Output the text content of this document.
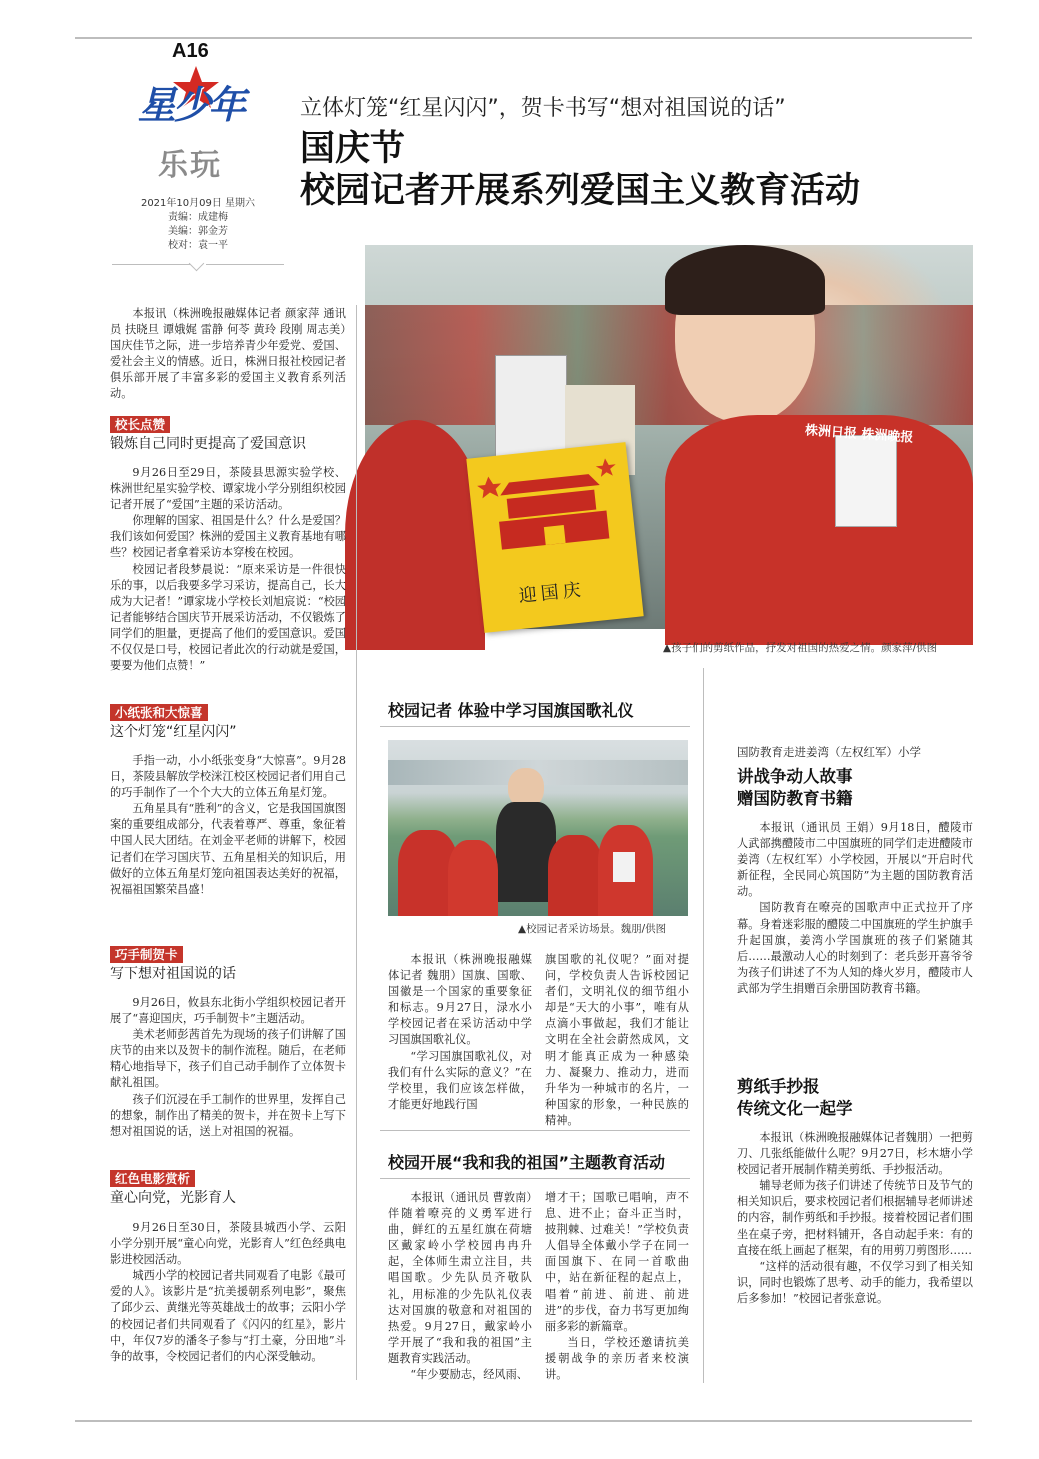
A16
星少年
乐玩
2021年10月09日 星期六
责编：成建梅
美编：郭金芳
校对：袁一平
立体灯笼“红星闪闪”，贺卡书写“想对祖国说的话”
国庆节
校园记者开展系列爱国主义教育活动
株洲日报 株洲晚报
迎国庆
▲孩子们的剪纸作品，抒发对祖国的热爱之情。颜家萍/供图

本报讯（株洲晚报融媒体记者 颜家萍 通讯员 扶晓旦 谭娥娓 雷静 何苓 黄玲 段刚 周志美）国庆佳节之际，进一步培养青少年爱党、爱国、爱社会主义的情感。近日，株洲日报社校园记者俱乐部开展了丰富多彩的爱国主义教育系列活动。

校长点赞
锻炼自己同时更提高了爱国意识

9月26日至29日，茶陵县思源实验学校、株洲世纪星实验学校、谭家垅小学分别组织校园记者开展了“爱国”主题的采访活动。

你理解的国家、祖国是什么？什么是爱国？我们该如何爱国？株洲的爱国主义教育基地有哪些？校园记者拿着采访本穿梭在校园。

校园记者段梦晨说：“原来采访是一件很快乐的事，以后我要多学习采访，提高自己，长大成为大记者！”谭家垅小学校长刘旭宸说：“校园记者能够结合国庆节开展采访活动，不仅锻炼了同学们的胆量，更提高了他们的爱国意识。爱国不仅仅是口号，校园记者此次的行动就是爱国，要要为他们点赞！”

小纸张和大惊喜
这个灯笼“红星闪闪”

手指一动，小小纸张变身“大惊喜”。9月28日，茶陵县解放学校洣江校区校园记者们用自己的巧手制作了一个个大大的立体五角星灯笼。

五角星具有“胜利”的含义，它是我国国旗图案的重要组成部分，代表着尊严、尊重，象征着中国人民大团结。在刘金平老师的讲解下，校园记者们在学习国庆节、五角星相关的知识后，用做好的立体五角星灯笼向祖国表达美好的祝福，祝福祖国繁荣昌盛！

巧手制贺卡
写下想对祖国说的话

9月26日，攸县东北街小学组织校园记者开展了“喜迎国庆，巧手制贺卡”主题活动。

美术老师彭茜首先为现场的孩子们讲解了国庆节的由来以及贺卡的制作流程。随后，在老师精心地指导下，孩子们自己动手制作了立体贺卡献礼祖国。

孩子们沉浸在手工制作的世界里，发挥自己的想象，制作出了精美的贺卡，并在贺卡上写下想对祖国说的话，送上对祖国的祝福。

红色电影赏析
童心向党，光影育人

9月26日至30日，茶陵县城西小学、云阳小学分别开展“童心向党，光影育人”红色经典电影进校园活动。

城西小学的校园记者共同观看了电影《最可爱的人》。该影片是“抗美援朝系列电影”，聚焦了邱少云、黄继光等英雄战士的故事；云阳小学的校园记者们共同观看了《闪闪的红星》，影片中，年仅7岁的潘冬子参与“打土豪，分田地”斗争的故事，令校园记者们的内心深受触动。

校园记者 体验中学习国旗国歌礼仪
▲校园记者采访场景。魏朋/供图

本报讯（株洲晚报融媒体记者 魏朋）国旗、国歌、国徽是一个国家的重要象征和标志。9月27日，渌水小学校园记者在采访活动中学习国旗国歌礼仪。

“学习国旗国歌礼仪，对我们有什么实际的意义？”在学校里，我们应该怎样做，才能更好地践行国

旗国歌的礼仪呢？”面对提问，学校负责人告诉校园记者们，文明礼仪的细节组小却是“天大的小事”，唯有从点滴小事做起，我们才能让文明在全社会蔚然成风，文明才能真正成为一种感染力、凝聚力、推动力，进而升华为一种城市的名片，一种国家的形象，一种民族的精神。

校园开展“我和我的祖国”主题教育活动

本报讯（通讯员 曹敦南）伴随着嘹亮的义勇军进行曲，鲜红的五星红旗在荷塘区戴家岭小学校园冉冉升起，全体师生肃立注目，共唱国歌。少先队员齐敬队礼，用标准的少先队礼仪表达对国旗的敬意和对祖国的热爱。9月27日，戴家岭小学开展了“我和我的祖国”主题教育实践活动。

“年少要励志，经风雨、

增才干；国歌已唱响，声不息、进不止；奋斗正当时，披荆棘、过难关！”学校负责人倡导全体戴小学子在同一面国旗下、在同一首歌曲中，站在新征程的起点上，唱着“前进、前进、前进进”的步伐，奋力书写更加绚丽多彩的新篇章。

当日，学校还邀请抗美援朝战争的亲历者来校演讲。

国防教育走进姜湾（左权红军）小学
讲战争动人故事
赠国防教育书籍

本报讯（通讯员 王娟）9月18日，醴陵市人武部携醴陵市二中国旗班的同学们走进醴陵市姜湾（左权红军）小学校园，开展以“开启时代新征程，全民同心筑国防”为主题的国防教育活动。

国防教育在嘹亮的国歌声中正式拉开了序幕。身着迷彩服的醴陵二中国旗班的学生护旗手升起国旗，姜湾小学国旗班的孩子们紧随其后……最激动人心的时刻到了：老兵彭开喜爷爷为孩子们讲述了不为人知的烽火岁月，醴陵市人武部为学生捐赠百余册国防教育书籍。

剪纸手抄报
传统文化一起学

本报讯（株洲晚报融媒体记者魏朋）一把剪刀、几张纸能做什么呢？9月27日，杉木塘小学校园记者开展制作精美剪纸、手抄报活动。

辅导老师为孩子们讲述了传统节日及节气的相关知识后，要求校园记者们根据辅导老师讲述的内容，制作剪纸和手抄报。接着校园记者们围坐在桌子旁，把材料铺开，各自动起手来：有的直接在纸上画起了框架，有的用剪刀剪图形……

“这样的活动很有趣，不仅学习到了相关知识，同时也锻炼了思考、动手的能力，我希望以后多参加！”校园记者张意说。
